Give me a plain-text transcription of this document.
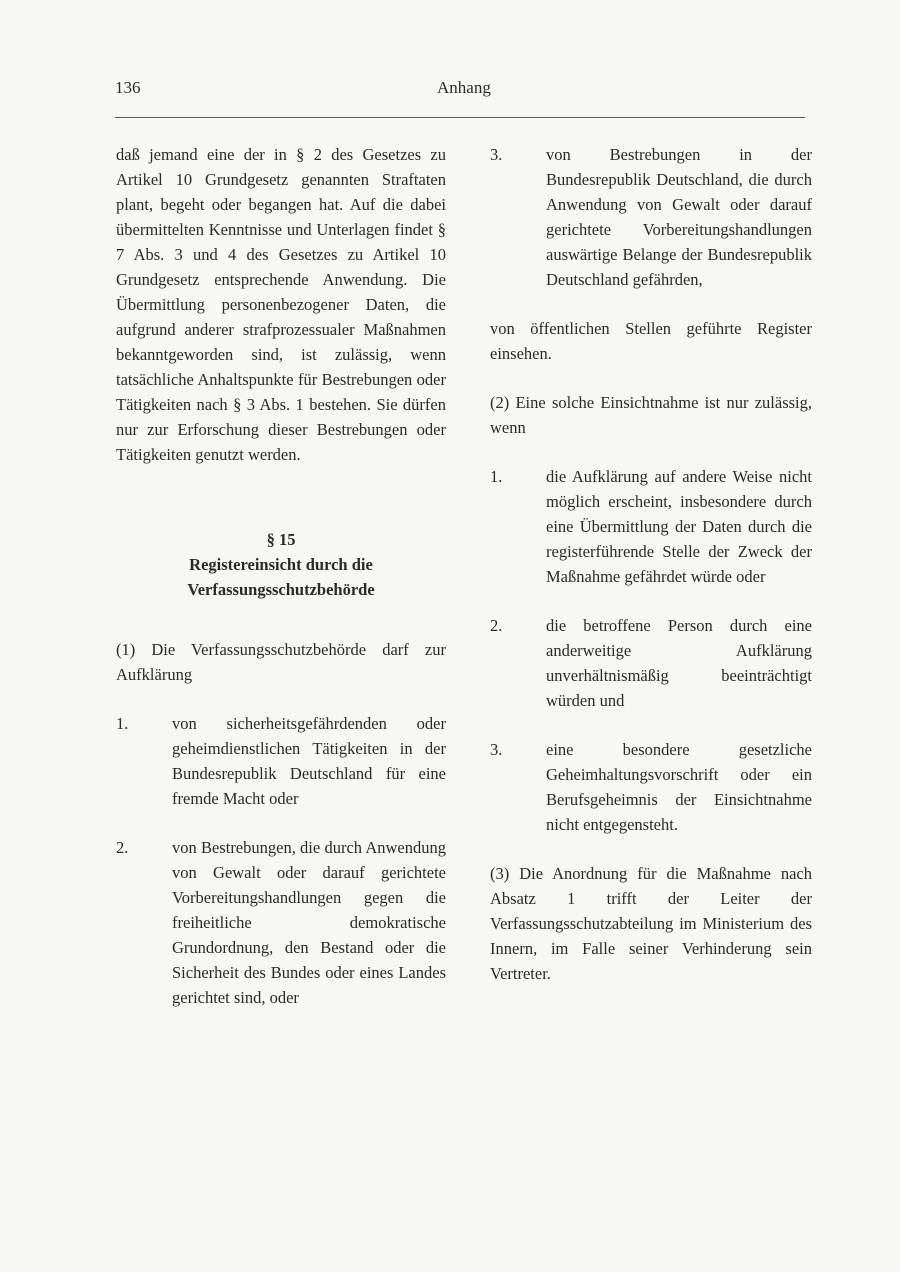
136	Anhang

daß jemand eine der in § 2 des Gesetzes zu Artikel 10 Grundgesetz genannten Straftaten plant, begeht oder begangen hat. Auf die dabei übermittelten Kenntnisse und Unterlagen findet § 7 Abs. 3 und 4 des Gesetzes zu Artikel 10 Grundgesetz entsprechende Anwendung. Die Übermittlung personenbezogener Daten, die aufgrund anderer strafprozessualer Maßnahmen bekanntgeworden sind, ist zulässig, wenn tatsächliche Anhaltspunkte für Bestrebungen oder Tätigkeiten nach § 3 Abs. 1 bestehen. Sie dürfen nur zur Erforschung dieser Bestrebungen oder Tätigkeiten genutzt werden.

§ 15
Registereinsicht durch die
Verfassungsschutzbehörde

(1) Die Verfassungsschutzbehörde darf zur Aufklärung

1.	von sicherheitsgefährdenden oder geheimdienstlichen Tätigkeiten in der Bundesrepublik Deutschland für eine fremde Macht oder
2.	von Bestrebungen, die durch Anwendung von Gewalt oder darauf gerichtete Vorbereitungshandlungen gegen die freiheitliche demokratische Grundordnung, den Bestand oder die Sicherheit des Bundes oder eines Landes gerichtet sind, oder
3.	von Bestrebungen in der Bundesrepublik Deutschland, die durch Anwendung von Gewalt oder darauf gerichtete Vorbereitungshandlungen auswärtige Belange der Bundesrepublik Deutschland gefährden,

von öffentlichen Stellen geführte Register einsehen.

(2) Eine solche Einsichtnahme ist nur zulässig, wenn

1.	die Aufklärung auf andere Weise nicht möglich erscheint, insbesondere durch eine Übermittlung der Daten durch die registerführende Stelle der Zweck der Maßnahme gefährdet würde oder
2.	die betroffene Person durch eine anderweitige Aufklärung unverhältnismäßig beeinträchtigt würden und
3.	eine besondere gesetzliche Geheimhaltungsvorschrift oder ein Berufsgeheimnis der Einsichtnahme nicht entgegensteht.

(3) Die Anordnung für die Maßnahme nach Absatz 1 trifft der Leiter der Verfassungsschutzabteilung im Ministerium des Innern, im Falle seiner Verhinderung sein Vertreter.
